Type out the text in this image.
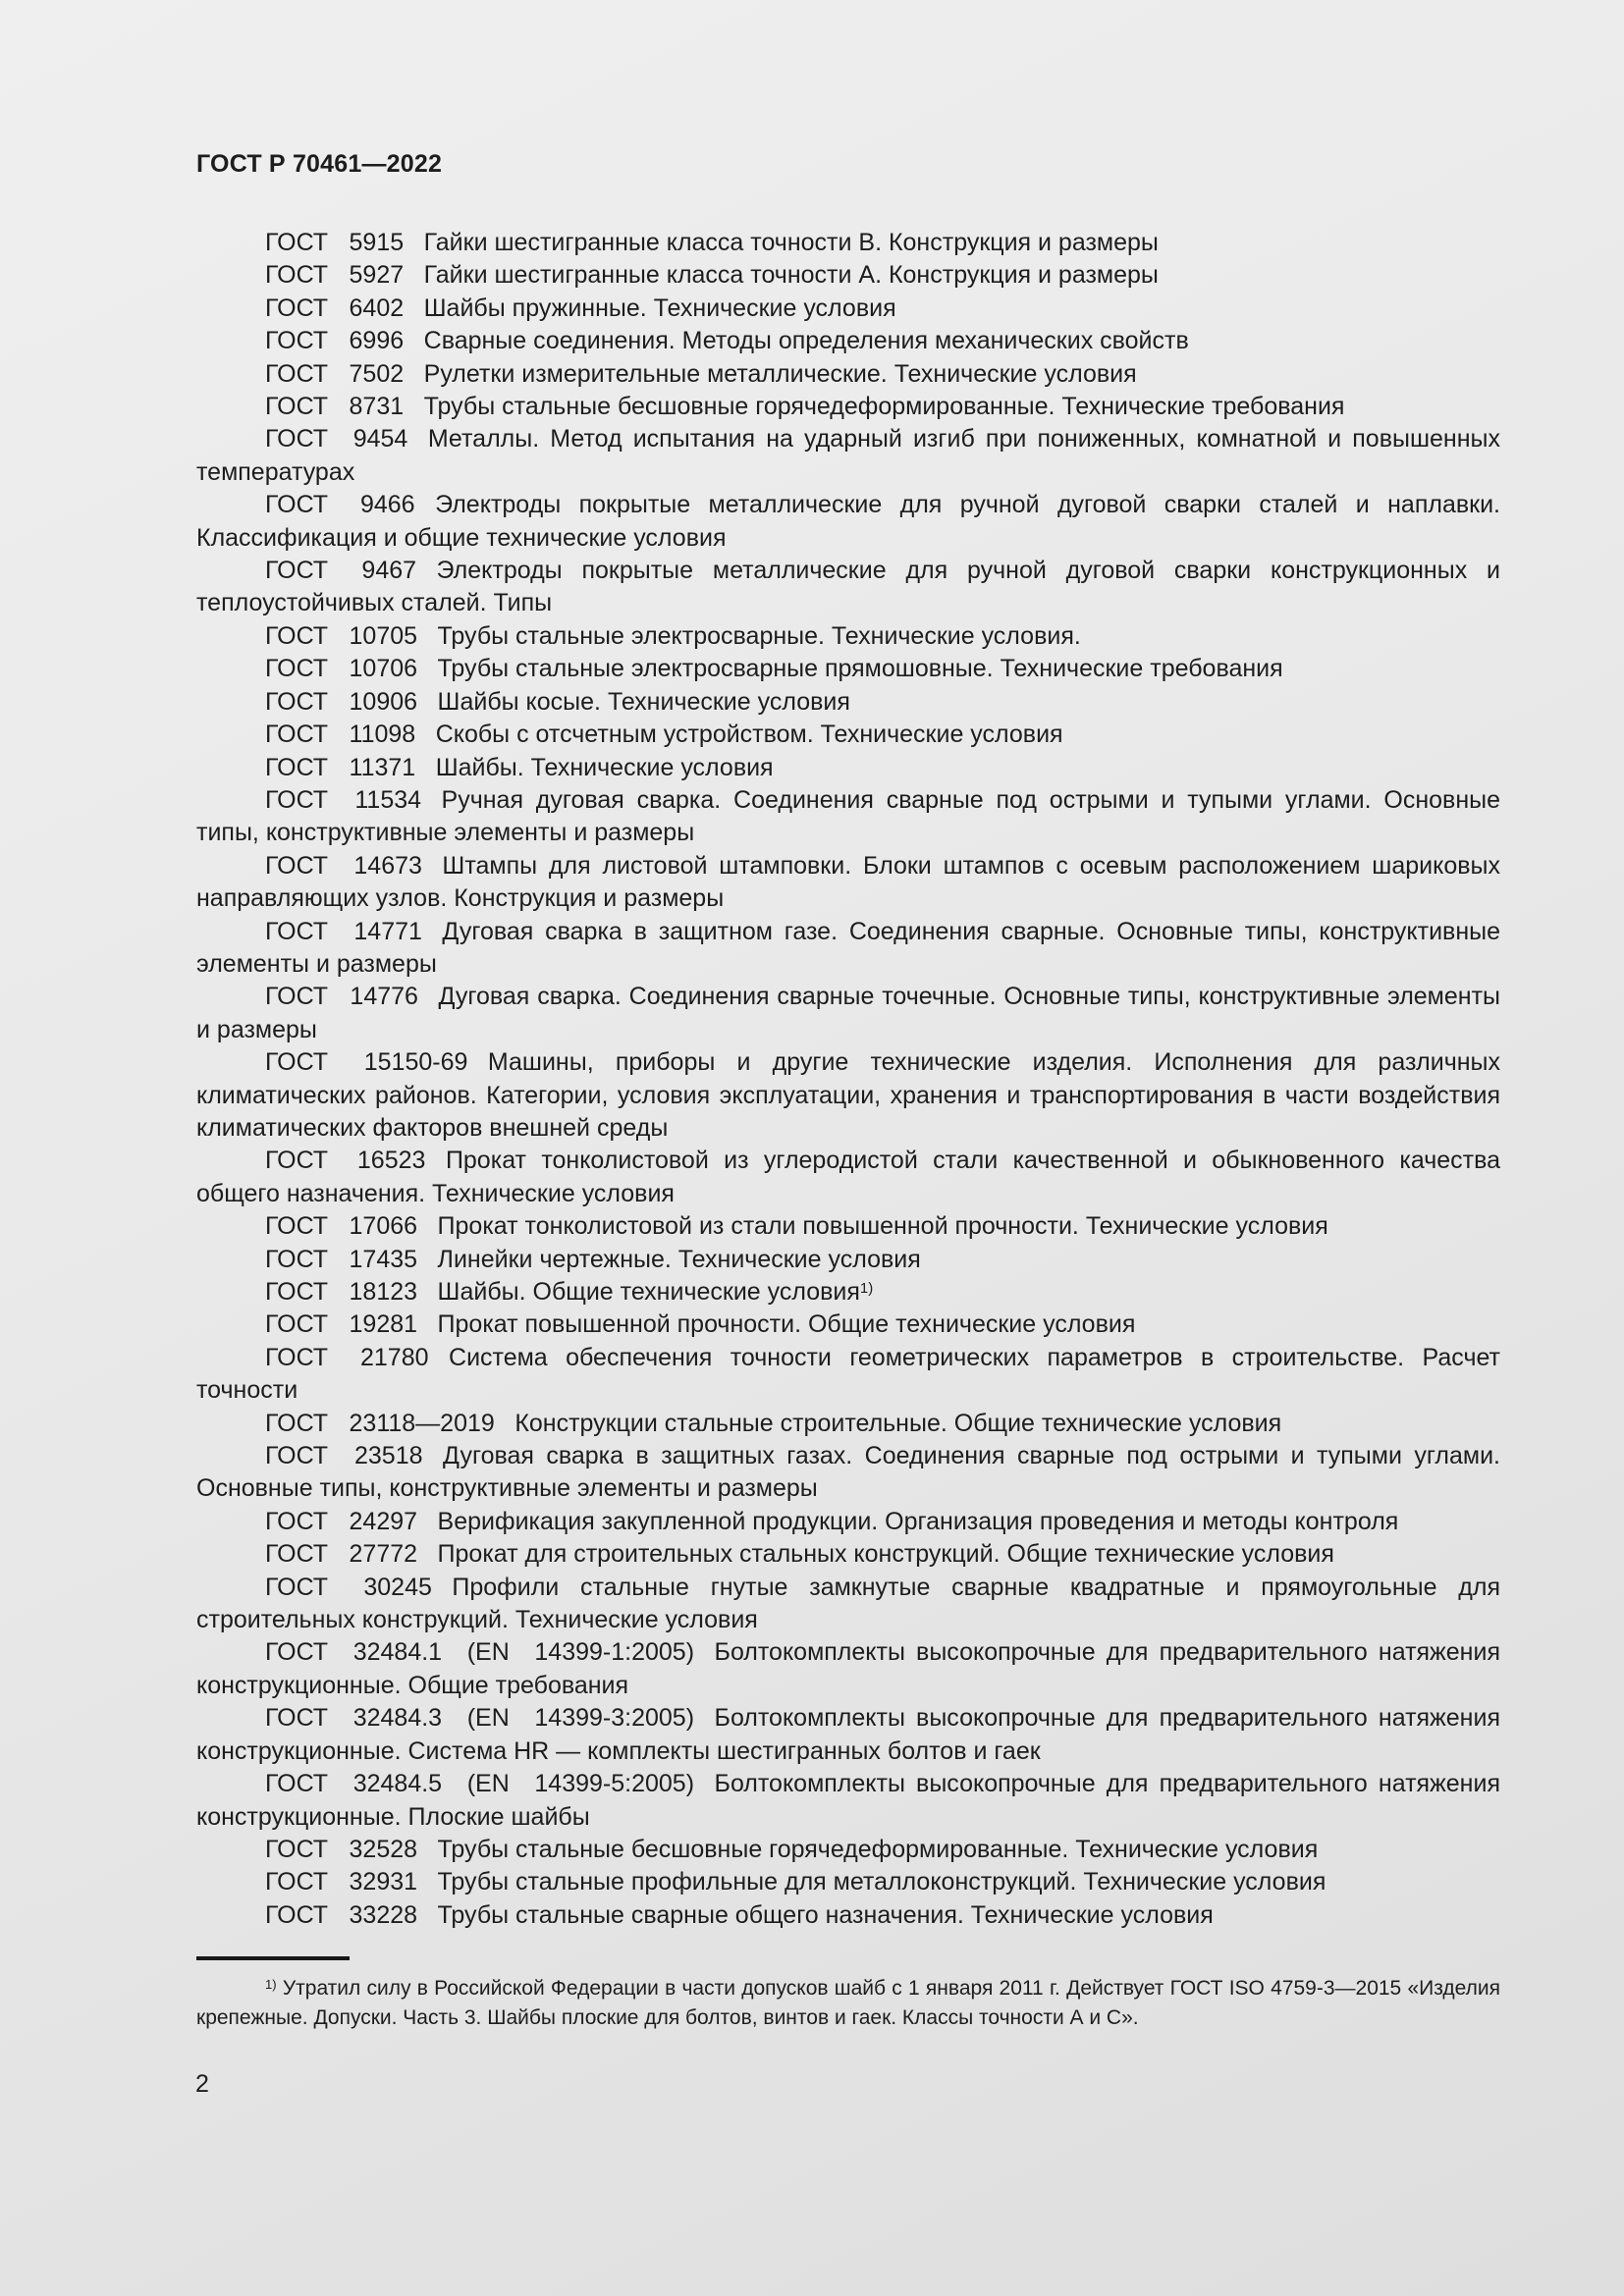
ГОСТ Р 70461—2022

ГОСТ 5915 Гайки шестигранные класса точности В. Конструкция и размеры

ГОСТ 5927 Гайки шестигранные класса точности А. Конструкция и размеры

ГОСТ 6402 Шайбы пружинные. Технические условия

ГОСТ 6996 Сварные соединения. Методы определения механических свойств

ГОСТ 7502 Рулетки измерительные металлические. Технические условия

ГОСТ 8731 Трубы стальные бесшовные горячедеформированные. Технические требования

ГОСТ 9454 Металлы. Метод испытания на ударный изгиб при пониженных, комнатной и повышенных температурах

ГОСТ 9466 Электроды покрытые металлические для ручной дуговой сварки сталей и наплавки. Классификация и общие технические условия

ГОСТ 9467 Электроды покрытые металлические для ручной дуговой сварки конструкционных и теплоустойчивых сталей. Типы

ГОСТ 10705 Трубы стальные электросварные. Технические условия.

ГОСТ 10706 Трубы стальные электросварные прямошовные. Технические требования

ГОСТ 10906 Шайбы косые. Технические условия

ГОСТ 11098 Скобы с отсчетным устройством. Технические условия

ГОСТ 11371 Шайбы. Технические условия

ГОСТ 11534 Ручная дуговая сварка. Соединения сварные под острыми и тупыми углами. Основные типы, конструктивные элементы и размеры

ГОСТ 14673 Штампы для листовой штамповки. Блоки штампов с осевым расположением шариковых направляющих узлов. Конструкция и размеры

ГОСТ 14771 Дуговая сварка в защитном газе. Соединения сварные. Основные типы, конструктивные элементы и размеры

ГОСТ 14776 Дуговая сварка. Соединения сварные точечные. Основные типы, конструктивные элементы и размеры

ГОСТ 15150-69 Машины, приборы и другие технические изделия. Исполнения для различных климатических районов. Категории, условия эксплуатации, хранения и транспортирования в части воздействия климатических факторов внешней среды

ГОСТ 16523 Прокат тонколистовой из углеродистой стали качественной и обыкновенного качества общего назначения. Технические условия

ГОСТ 17066 Прокат тонколистовой из стали повышенной прочности. Технические условия

ГОСТ 17435 Линейки чертежные. Технические условия

ГОСТ 18123 Шайбы. Общие технические условия$^{1)}$

ГОСТ 19281 Прокат повышенной прочности. Общие технические условия

ГОСТ 21780 Система обеспечения точности геометрических параметров в строительстве. Расчет точности

ГОСТ 23118—2019 Конструкции стальные строительные. Общие технические условия

ГОСТ 23518 Дуговая сварка в защитных газах. Соединения сварные под острыми и тупыми углами. Основные типы, конструктивные элементы и размеры

ГОСТ 24297 Верификация закупленной продукции. Организация проведения и методы контроля

ГОСТ 27772 Прокат для строительных стальных конструкций. Общие технические условия

ГОСТ 30245 Профили стальные гнутые замкнутые сварные квадратные и прямоугольные для строительных конструкций. Технические условия

ГОСТ 32484.1 (EN 14399-1:2005) Болтокомплекты высокопрочные для предварительного натяжения конструкционные. Общие требования

ГОСТ 32484.3 (EN 14399-3:2005) Болтокомплекты высокопрочные для предварительного натяжения конструкционные. Система HR — комплекты шестигранных болтов и гаек

ГОСТ 32484.5 (EN 14399-5:2005) Болтокомплекты высокопрочные для предварительного натяжения конструкционные. Плоские шайбы

ГОСТ 32528 Трубы стальные бесшовные горячедеформированные. Технические условия

ГОСТ 32931 Трубы стальные профильные для металлоконструкций. Технические условия

ГОСТ 33228 Трубы стальные сварные общего назначения. Технические условия

$^{1)}$ Утратил силу в Российской Федерации в части допусков шайб с 1 января 2011 г. Действует ГОСТ ISO 4759-3—2015 «Изделия крепежные. Допуски. Часть 3. Шайбы плоские для болтов, винтов и гаек. Классы точности А и С».

2
